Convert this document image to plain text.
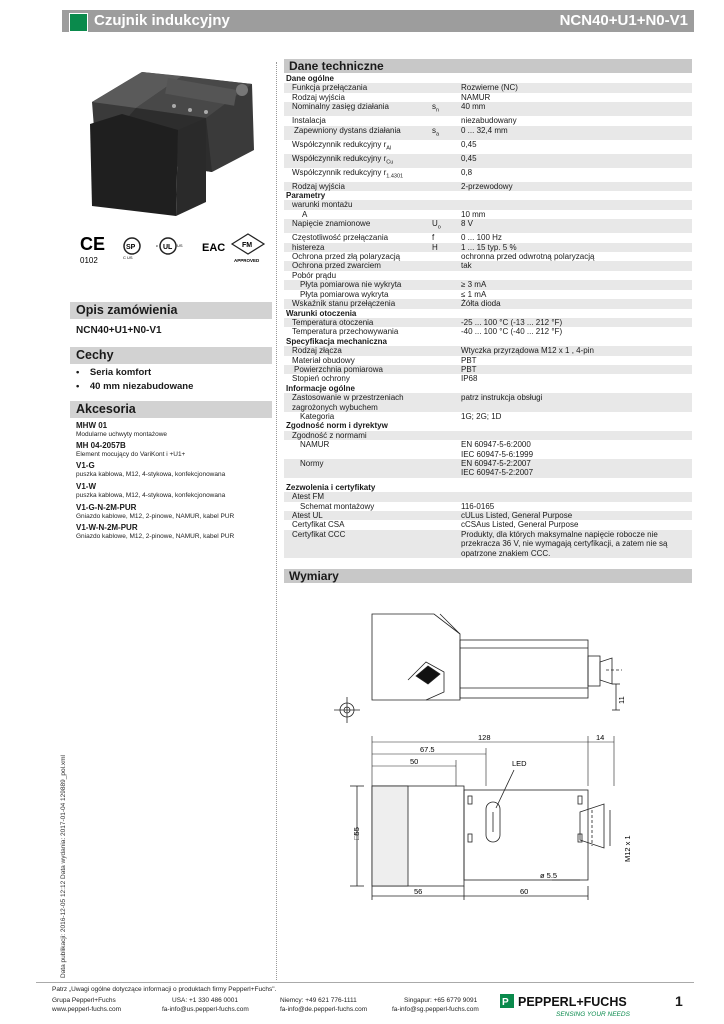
Czujnik indukcyjny	NCN40+U1+N0-V1
CE
0102
SP
C US
UL
c	US EAC FM
APPROVED
Opis zamówienia
NCN40+U1+N0-V1
Cechy
•    Seria komfort
•    40 mm niezabudowane
Akcesoria
MHW 01
Modularne uchwyty montażowe
MH 04-2057B
Element mocujący do VariKont i +U1+
V1-G
puszka kablowa, M12, 4-stykowa, konfekcjonowana
V1-W
puszka kablowa, M12, 4-stykowa, konfekcjonowana
V1-G-N-2M-PUR
Gniazdo kablowe, M12, 2-pinowe, NAMUR, kabel PUR
V1-W-N-2M-PUR
Gniazdo kablowe, M12, 2-pinowe, NAMUR, kabel PUR
Dane techniczne
Dane ogólne		
Funkcja przełączania		Rozwierne (NC)
Rodzaj wyjścia		NAMUR
Nominalny zasięg działania	$s_n$	40 mm
Instalacja		niezabudowany
Zapewniony dystans działania	$s_a$	0 ... 32,4 mm
Współczynnik redukcyjny $r_{Al}$		0,45
Współczynnik redukcyjny $r_{Cu}$		0,45
Współczynnik redukcyjny $r_{1.4301}$		0,8
Rodzaj wyjścia		2-przewodowy
Parametry		
warunki montażu		
A		10 mm
Napięcie znamionowe	$U_o$	8 V
Częstotliwość przełączania	f	0 ... 100 Hz
histereza	H	1 ... 15 typ. 5 %
Ochrona przed złą polaryzacją		ochronna przed odwrotną polaryzacją
Ochrona przed zwarciem		tak
Pobór prądu		
Płyta pomiarowa nie wykryta		≥ 3 mA
Płyta pomiarowa wykryta		≤ 1 mA
Wskaźnik stanu przełączenia		Żółta dioda
Warunki otoczenia		
Temperatura otoczenia		-25 ... 100 °C (-13 ... 212 °F)
Temperatura przechowywania		-40 ... 100 °C (-40 ... 212 °F)
Specyfikacja mechaniczna		
Rodzaj złącza		Wtyczka przyrządowa M12 x 1 , 4-pin
Materiał obudowy		PBT
Powierzchnia pomiarowa		PBT
Stopień ochrony		IP68
Informacje ogólne		
Zastosowanie w przestrzeniach zagrożonych wybuchem		patrz instrukcja obsługi
Kategoria		1G; 2G; 1D
Zgodność norm i dyrektyw		
Zgodność z normami		
NAMUR		EN 60947-5-6:2000
IEC 60947-5-6:1999

Normy		EN 60947-5-2:2007
IEC 60947-5-2:2007

Zezwolenia i certyfikaty		
Atest FM		
Schemat montażowy		116-0165
Atest UL		cULus Listed, General Purpose
Certyfikat CSA		cCSAus Listed, General Purpose
Certyfikat CCC		Produkty, dla których maksymalne napięcie robocze nie przekracza 36 V, nie wymagają certyfikacji, a zatem nie są opatrzone znakiem CCC.
Wymiary
11
128	14
67.5
50	LED
□55
M12 x 1
ø 5.5
56	60
Data publikacji: 2016-12-05 12:12 Data wydania: 2017-01-04 129889_pol.xml
Patrz „Uwagi ogólne dotyczące informacji o produktach firmy Pepperl+Fuchs".
Grupa Pepperl+Fuchs
www.pepperl-fuchs.com
USA: +1 330 486 0001
fa-info@us.pepperl-fuchs.com
Niemcy: +49 621 776-1111
fa-info@de.pepperl-fuchs.com
Singapur: +65 6779 9091
fa-info@sg.pepperl-fuchs.com
P PEPPERL+FUCHS
SENSING YOUR NEEDS
1
